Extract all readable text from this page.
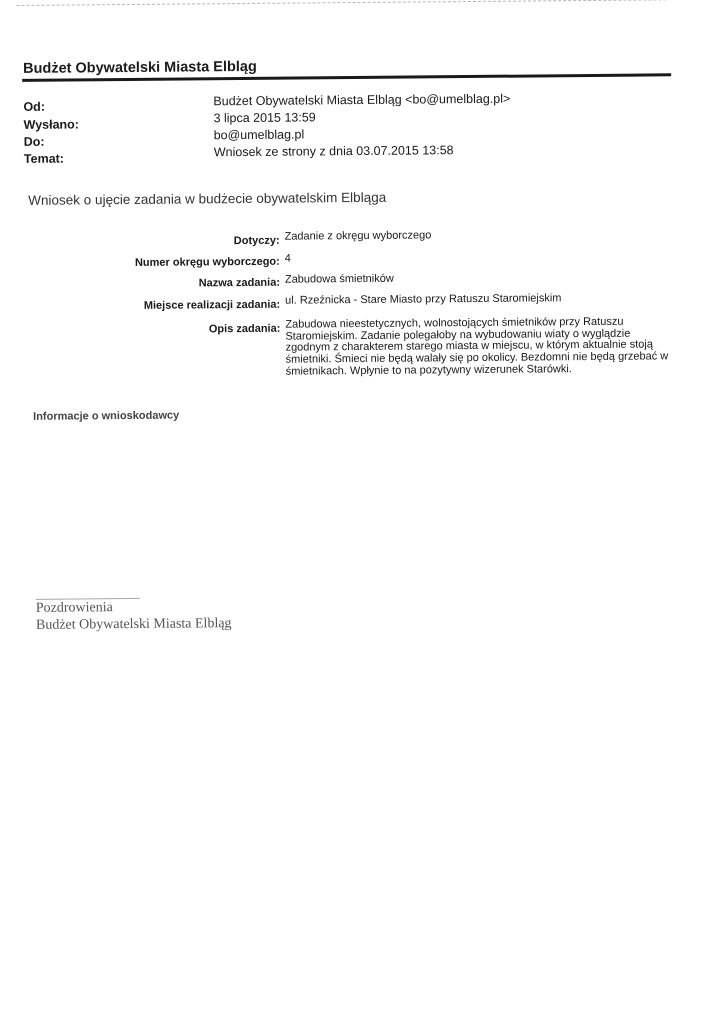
Budżet Obywatelski Miasta Elbląg
Od:	Budżet Obywatelski Miasta Elbląg <bo@umelblag.pl>
Wysłano:	3 lipca 2015 13:59
Do:	bo@umelblag.pl
Temat:	Wniosek ze strony z dnia 03.07.2015 13:58
Wniosek o ujęcie zadania w budżecie obywatelskim Elbląga
Dotyczy: Zadanie z okręgu wyborczego
Numer okręgu wyborczego: 4
Nazwa zadania: Zabudowa śmietników
Miejsce realizacji zadania: ul. Rzeźnicka - Stare Miasto przy Ratuszu Staromiejskim
Opis zadania: Zabudowa nieestetycznych, wolnostojących śmietników przy Ratuszu
Staromiejskim. Zadanie polegałoby na wybudowaniu wiaty o wyglądzie
zgodnym z charakterem starego miasta w miejscu, w którym aktualnie stoją
śmietniki. Śmieci nie będą walały się po okolicy. Bezdomni nie będą grzebać w
śmietnikach. Wpłynie to na pozytywny wizerunek Starówki.
Informacje o wnioskodawcy
Pozdrowienia
Budżet Obywatelski Miasta Elbląg
